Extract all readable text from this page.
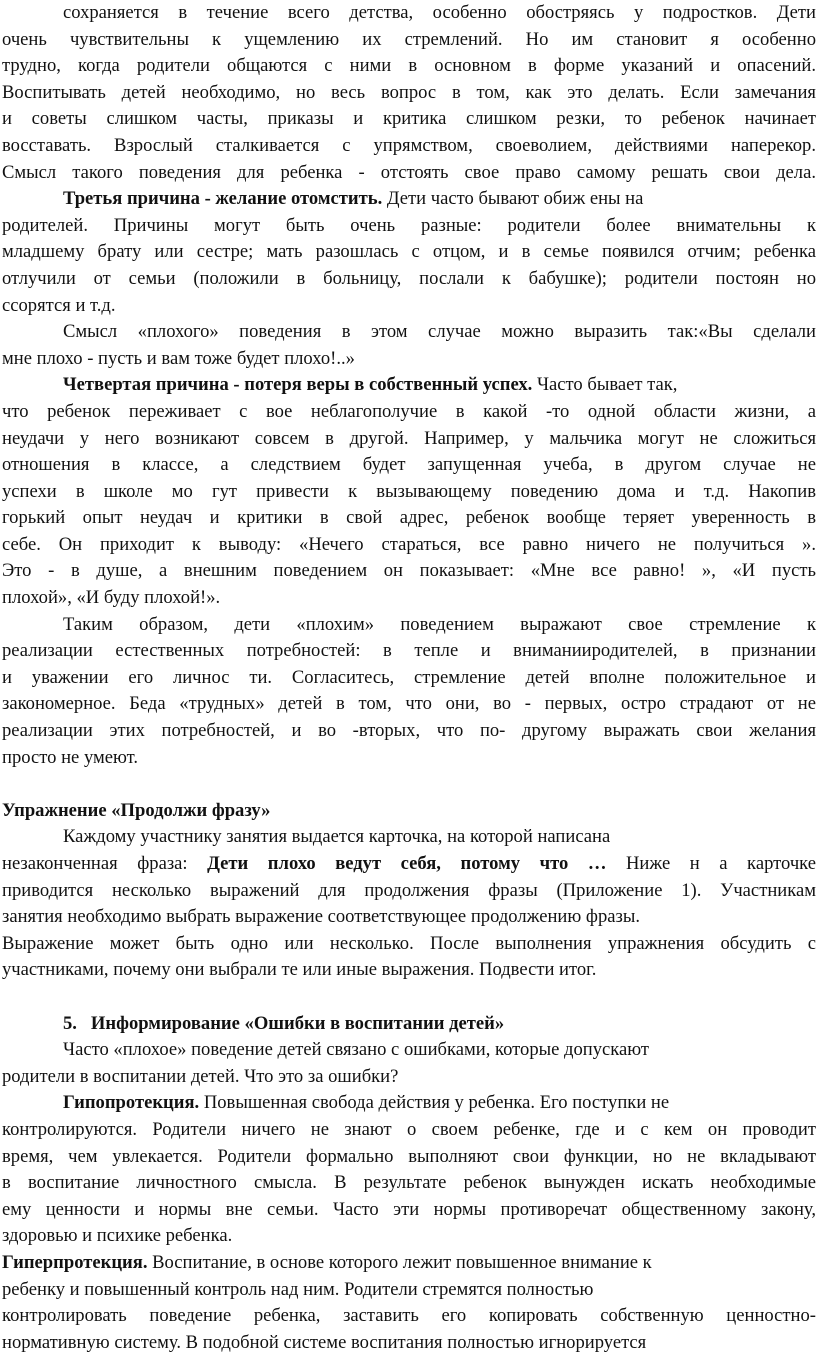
сохраняется в течение всего детства, особенно обостряясь у подростков. Дети
очень чувствительны к ущемлению их стремлений. Но им становит я особенно
трудно, когда родители общаются с ними в основном в форме указаний и опасений.
Воспитывать детей необходимо, но весь вопрос в том, как это делать. Если замечания
и советы слишком часты, приказы и критика слишком резки, то ребенок начинает
восставать. Взрослый сталкивается с упрямством, своеволием, действиями наперекор.
Смысл такого поведения для ребенка - отстоять свое право самому решать свои дела.
Третья причина - желание отомстить. Дети часто бывают обиж ены на
родителей. Причины могут быть очень разные: родители более внимательны к
младшему брату или сестре; мать разошлась с отцом, и в семье появился отчим; ребенка
отлучили от семьи (положили в больницу, послали к бабушке); родители постоян но
ссорятся и т.д.
Смысл «плохого» поведения в этом случае можно выразить так:«Вы сделали
мне плохо - пусть и вам тоже будет плохо!..»
Четвертая причина - потеря веры в собственный успех. Часто бывает так,
что ребенок переживает с вое неблагополучие в какой -то одной области жизни, а
неудачи у него возникают совсем в другой. Например, у мальчика могут не сложиться
отношения в классе, а следствием будет запущенная учеба, в другом случае не
успехи в школе мо гут привести к вызывающему поведению дома и т.д. Накопив
горький опыт неудач и критики в свой адрес, ребенок вообще теряет уверенность в
себе. Он приходит к выводу: «Нечего стараться, все равно ничего не получиться ».
Это - в душе, а внешним поведением он показывает: «Мне все равно! », «И пусть
плохой», «И буду плохой!».
Таким образом, дети «плохим» поведением выражают свое стремление к
реализации естественных потребностей: в тепле и вниманииродителей, в признании
и уважении его личнос ти. Согласитесь, стремление детей вполне положительное и
закономерное. Беда «трудных» детей в том, что они, во - первых, остро страдают от не
реализации этих потребностей, и во -вторых, что по- другому выражать свои желания
просто не умеют.
Упражнение «Продолжи фразу»
Каждому участнику занятия выдается карточка, на которой написана
незаконченная фраза: Дети плохо ведут себя, потому что … Ниже н а карточке
приводится несколько выражений для продолжения фразы (Приложение 1). Участникам
занятия необходимо выбрать выражение соответствующее продолжению фразы.
Выражение может быть одно или несколько. После выполнения упражнения обсудить с
участниками, почему они выбрали те или иные выражения. Подвести итог.
5. Информирование «Ошибки в воспитании детей»
Часто «плохое» поведение детей связано с ошибками, которые допускают
родители в воспитании детей. Что это за ошибки?
Гипопротекция. Повышенная свобода действия у ребенка. Его поступки не
контролируются. Родители ничего не знают о своем ребенке, где и с кем он проводит
время, чем увлекается. Родители формально выполняют свои функции, но не вкладывают
в воспитание личностного смысла. В результате ребенок вынужден искать необходимые
ему ценности и нормы вне семьи. Часто эти нормы противоречат общественному закону,
здоровью и психике ребенка.
Гиперпротекция. Воспитание, в основе которого лежит повышенное внимание к
ребенку и повышенный контроль над ним. Родители стремятся полностью
контролировать поведение ребенка, заставить его копировать собственную ценностно-
нормативную систему. В подобной системе воспитания полностью игнорируется
